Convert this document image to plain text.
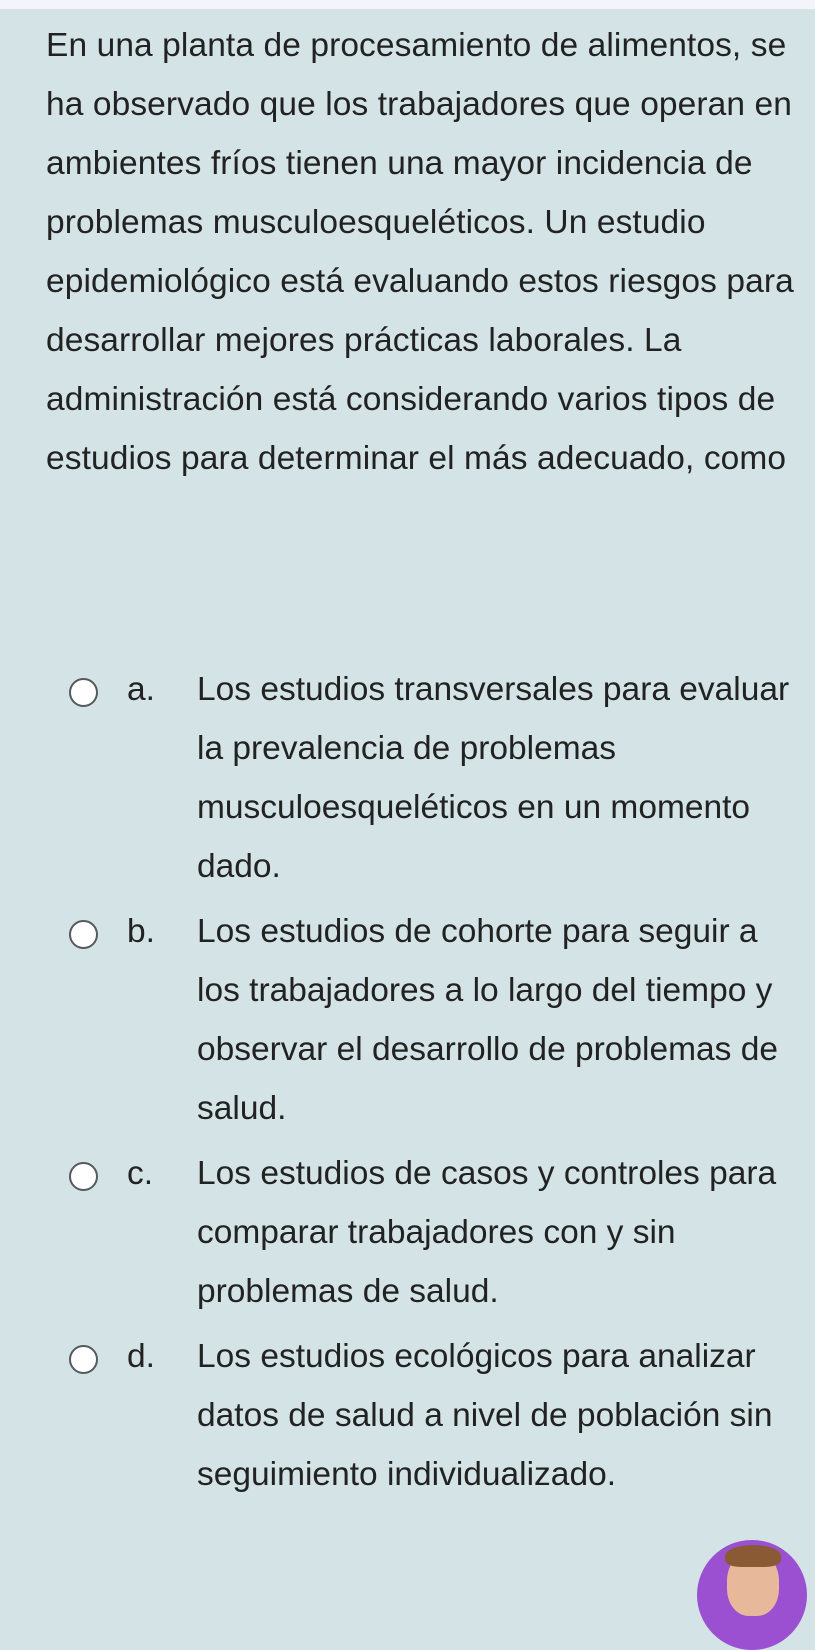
En una planta de procesamiento de alimentos, se ha observado que los trabajadores que operan en ambientes fríos tienen una mayor incidencia de problemas musculoesqueléticos. Un estudio epidemiológico está evaluando estos riesgos para desarrollar mejores prácticas laborales. La administración está considerando varios tipos de estudios para determinar el más adecuado, como
a.	Los estudios transversales para evaluar la prevalencia de problemas musculoesqueléticos en un momento dado.
b.	Los estudios de cohorte para seguir a los trabajadores a lo largo del tiempo y observar el desarrollo de problemas de salud.
c.	Los estudios de casos y controles para comparar trabajadores con y sin problemas de salud.
d.	Los estudios ecológicos para analizar datos de salud a nivel de población sin seguimiento individualizado.
